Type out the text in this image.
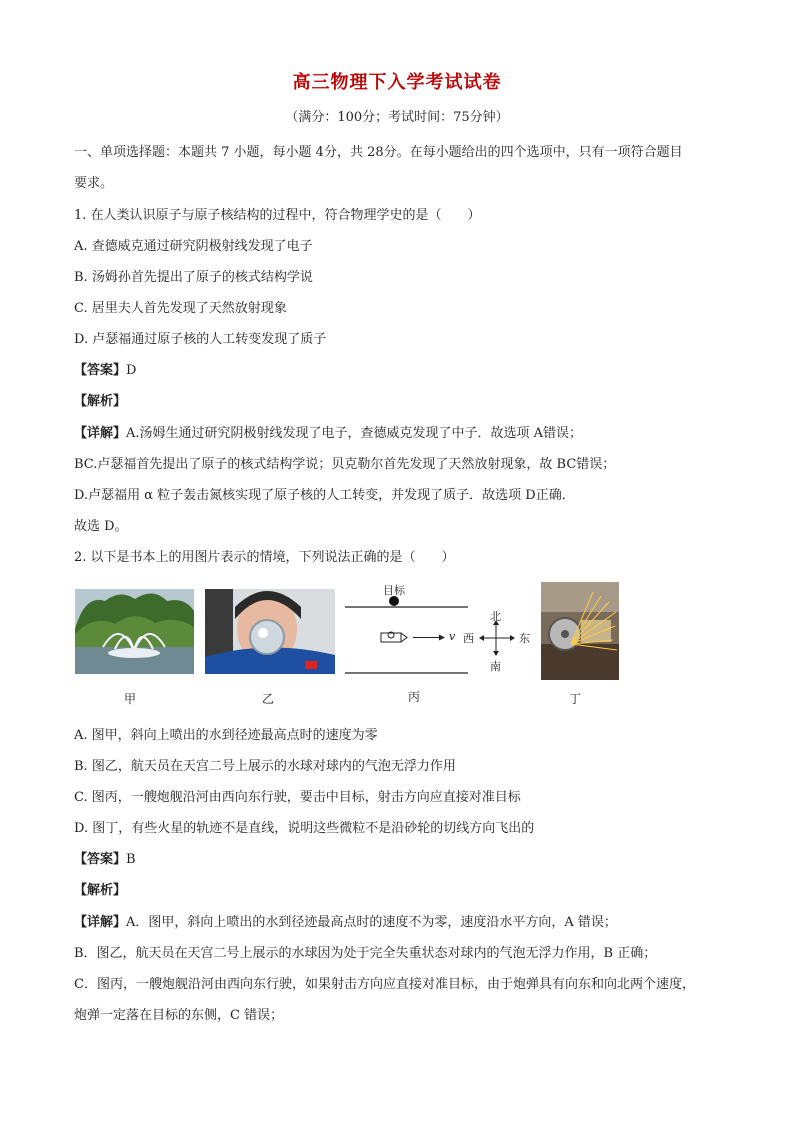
高三物理下入学考试试卷
（满分：100分；考试时间：75分钟）
一、单项选择题：本题共 7 小题，每小题 4分，共 28分。在每小题给出的四个选项中，只有一项符合题目
要求。
1. 在人类认识原子与原子核结构的过程中，符合物理学史的是（　　）
A. 查德威克通过研究阴极射线发现了电子
B. 汤姆孙首先提出了原子的核式结构学说
C. 居里夫人首先发现了天然放射现象
D. 卢瑟福通过原子核的人工转变发现了质子
【答案】D
【解析】
【详解】A.汤姆生通过研究阴极射线发现了电子，查德威克发现了中子．故选项 A错误；
BC.卢瑟福首先提出了原子的核式结构学说；贝克勒尔首先发现了天然放射现象，故 BC错误；
D.卢瑟福用 α 粒子轰击氮核实现了原子核的人工转变，并发现了质子．故选项 D正确．
故选 D。
2. 以下是书本上的用图片表示的情境，下列说法正确的是（　　）
甲	乙
目标
v 西	东
北
南
丙	丁
A. 图甲，斜向上喷出的水到径迹最高点时的速度为零
B. 图乙，航天员在天宫二号上展示的水球对球内的气泡无浮力作用
C. 图丙，一艘炮舰沿河由西向东行驶，要击中目标，射击方向应直接对准目标
D. 图丁，有些火星的轨迹不是直线，说明这些微粒不是沿砂轮的切线方向飞出的
【答案】B
【解析】
【详解】A．图甲，斜向上喷出的水到径迹最高点时的速度不为零，速度沿水平方向，A 错误；
B．图乙，航天员在天宫二号上展示的水球因为处于完全失重状态对球内的气泡无浮力作用，B 正确；
C．图丙，一艘炮舰沿河由西向东行驶，如果射击方向应直接对准目标，由于炮弹具有向东和向北两个速度，
炮弹一定落在目标的东侧，C 错误；
